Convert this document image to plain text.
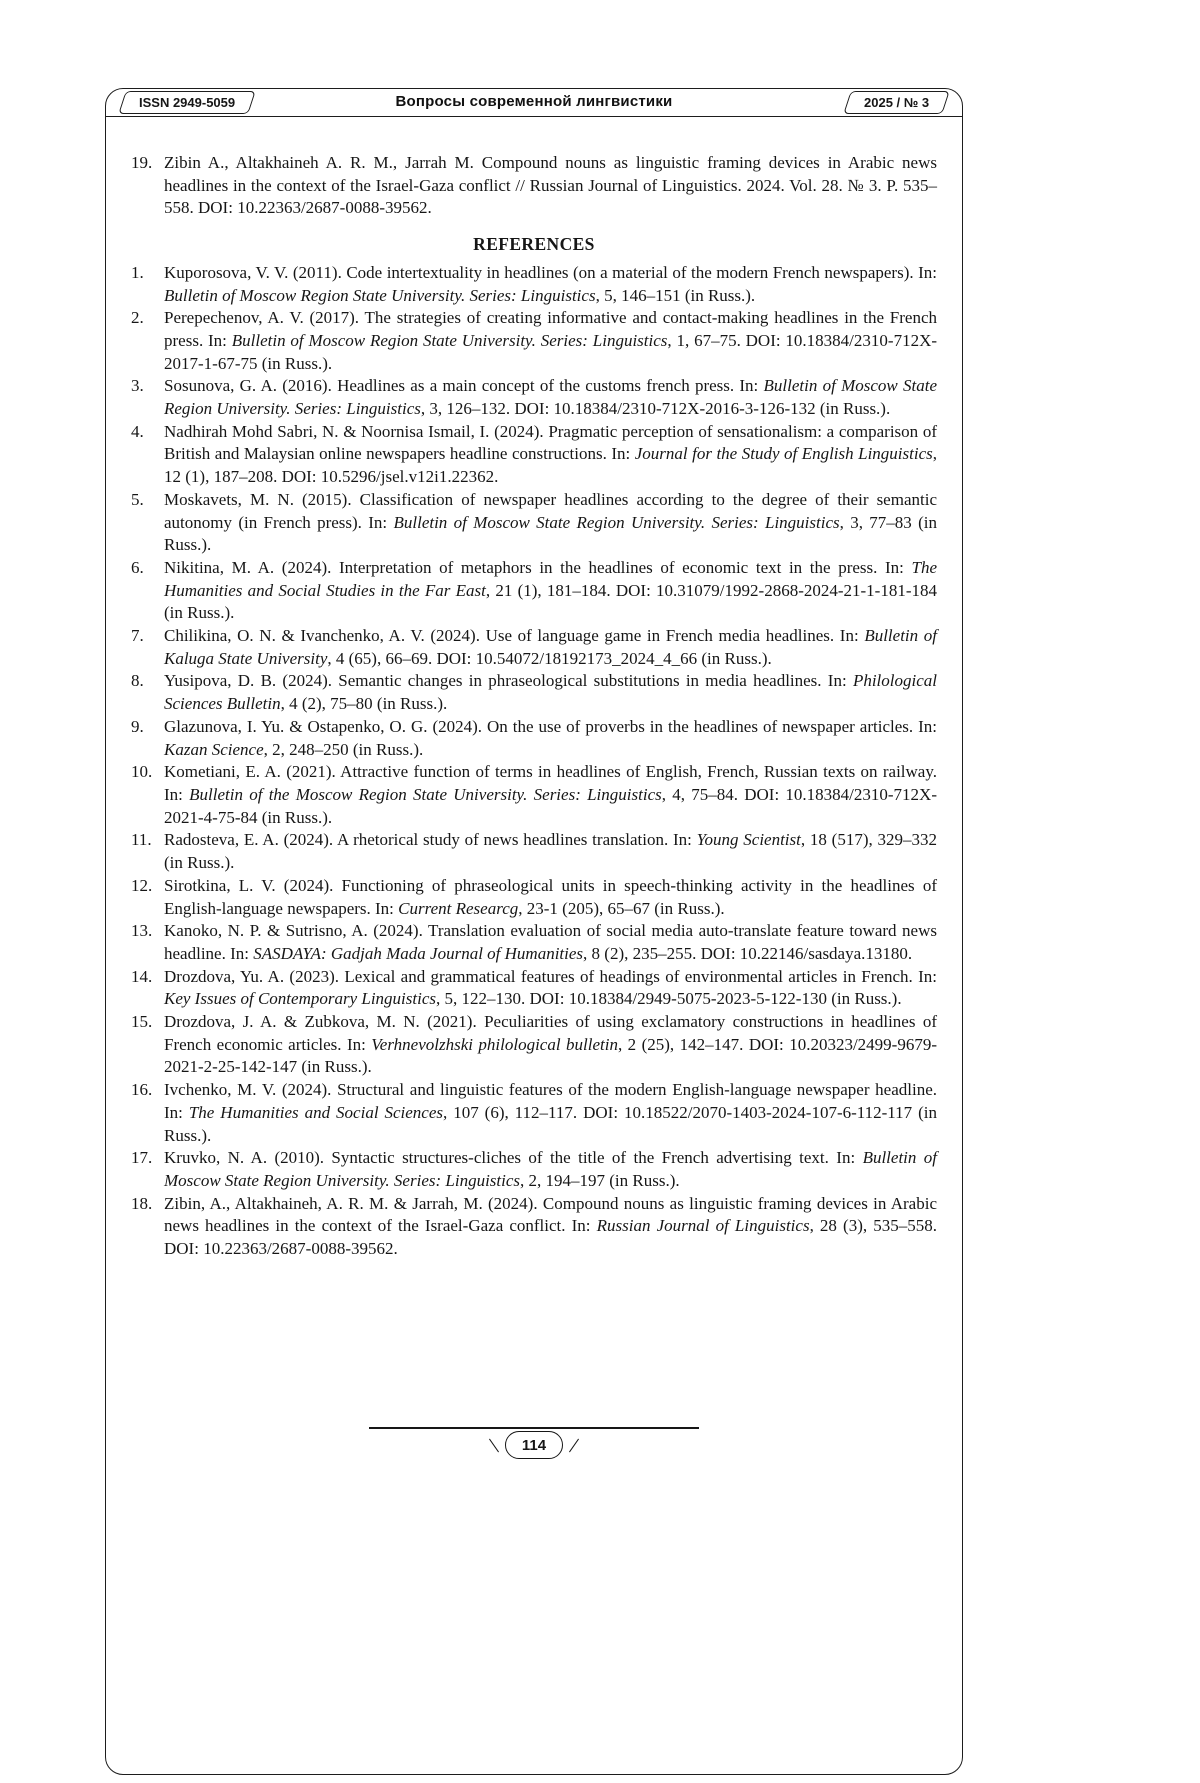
ISSN 2949-5059	Вопросы современной лингвистики	2025 / № 3
19. Zibin A., Altakhaineh A. R. M., Jarrah M. Compound nouns as linguistic framing devices in Arabic news headlines in the context of the Israel-Gaza conflict // Russian Journal of Linguistics. 2024. Vol. 28. № 3. P. 535–558. DOI: 10.22363/2687-0088-39562.
REFERENCES
1. Kuporosova, V. V. (2011). Code intertextuality in headlines (on a material of the modern French newspapers). In: Bulletin of Moscow Region State University. Series: Linguistics, 5, 146–151 (in Russ.).
2. Perepechenov, A. V. (2017). The strategies of creating informative and contact-making headlines in the French press. In: Bulletin of Moscow Region State University. Series: Linguistics, 1, 67–75. DOI: 10.18384/2310-712X-2017-1-67-75 (in Russ.).
3. Sosunova, G. A. (2016). Headlines as a main concept of the customs french press. In: Bulletin of Moscow State Region University. Series: Linguistics, 3, 126–132. DOI: 10.18384/2310-712X-2016-3-126-132 (in Russ.).
4. Nadhirah Mohd Sabri, N. & Noornisa Ismail, I. (2024). Pragmatic perception of sensationalism: a comparison of British and Malaysian online newspapers headline constructions. In: Journal for the Study of English Linguistics, 12 (1), 187–208. DOI: 10.5296/jsel.v12i1.22362.
5. Moskavets, M. N. (2015). Classification of newspaper headlines according to the degree of their semantic autonomy (in French press). In: Bulletin of Moscow State Region University. Series: Linguistics, 3, 77–83 (in Russ.).
6. Nikitina, M. A. (2024). Interpretation of metaphors in the headlines of economic text in the press. In: The Humanities and Social Studies in the Far East, 21 (1), 181–184. DOI: 10.31079/1992-2868-2024-21-1-181-184 (in Russ.).
7. Chilikina, O. N. & Ivanchenko, A. V. (2024). Use of language game in French media headlines. In: Bulletin of Kaluga State University, 4 (65), 66–69. DOI: 10.54072/18192173_2024_4_66 (in Russ.).
8. Yusipova, D. B. (2024). Semantic changes in phraseological substitutions in media headlines. In: Philological Sciences Bulletin, 4 (2), 75–80 (in Russ.).
9. Glazunova, I. Yu. & Ostapenko, O. G. (2024). On the use of proverbs in the headlines of newspaper articles. In: Kazan Science, 2, 248–250 (in Russ.).
10. Kometiani, E. A. (2021). Attractive function of terms in headlines of English, French, Russian texts on railway. In: Bulletin of the Moscow Region State University. Series: Linguistics, 4, 75–84. DOI: 10.18384/2310-712X-2021-4-75-84 (in Russ.).
11. Radosteva, E. A. (2024). A rhetorical study of news headlines translation. In: Young Scientist, 18 (517), 329–332 (in Russ.).
12. Sirotkina, L. V. (2024). Functioning of phraseological units in speech-thinking activity in the headlines of English-language newspapers. In: Current Researcg, 23-1 (205), 65–67 (in Russ.).
13. Kanoko, N. P. & Sutrisno, A. (2024). Translation evaluation of social media auto-translate feature toward news headline. In: SASDAYA: Gadjah Mada Journal of Humanities, 8 (2), 235–255. DOI: 10.22146/sasdaya.13180.
14. Drozdova, Yu. A. (2023). Lexical and grammatical features of headings of environmental articles in French. In: Key Issues of Contemporary Linguistics, 5, 122–130. DOI: 10.18384/2949-5075-2023-5-122-130 (in Russ.).
15. Drozdova, J. A. & Zubkova, M. N. (2021). Peculiarities of using exclamatory constructions in headlines of French economic articles. In: Verhnevolzhski philological bulletin, 2 (25), 142–147. DOI: 10.20323/2499-9679-2021-2-25-142-147 (in Russ.).
16. Ivchenko, M. V. (2024). Structural and linguistic features of the modern English-language newspaper headline. In: The Humanities and Social Sciences, 107 (6), 112–117. DOI: 10.18522/2070-1403-2024-107-6-112-117 (in Russ.).
17. Kruvko, N. A. (2010). Syntactic structures-cliches of the title of the French advertising text. In: Bulletin of Moscow State Region University. Series: Linguistics, 2, 194–197 (in Russ.).
18. Zibin, A., Altakhaineh, A. R. M. & Jarrah, M. (2024). Compound nouns as linguistic framing devices in Arabic news headlines in the context of the Israel-Gaza conflict. In: Russian Journal of Linguistics, 28 (3), 535–558. DOI: 10.22363/2687-0088-39562.
114
